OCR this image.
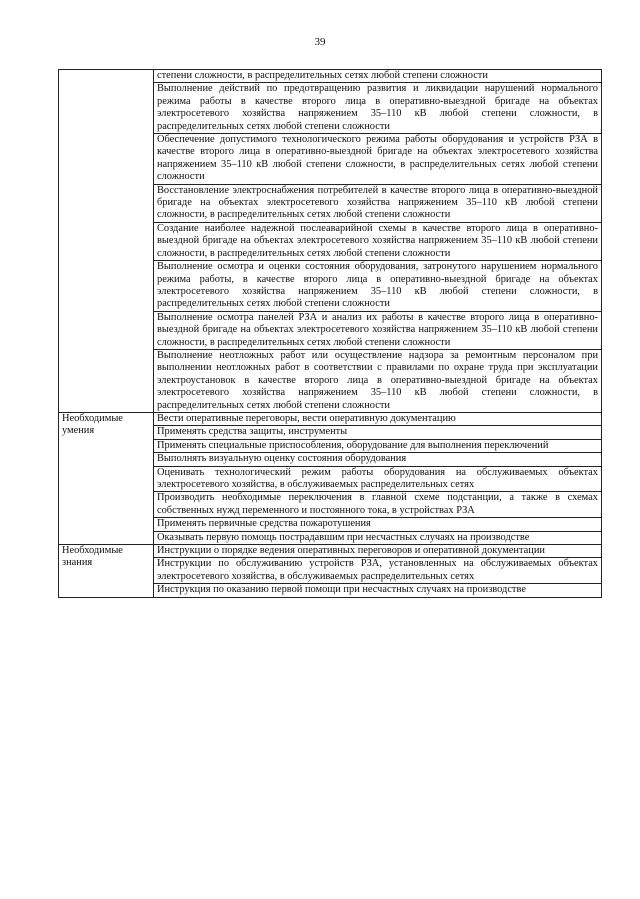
39
	степени сложности, в распределительных сетях любой степени сложности
	Выполнение действий по предотвращению развития и ликвидации нарушений нормального режима работы в качестве второго лица в оперативно-выездной бригаде на объектах электросетевого хозяйства напряжением 35–110 кВ любой степени сложности, в распределительных сетях любой степени сложности
	Обеспечение допустимого технологического режима работы оборудования и устройств РЗА в качестве второго лица в оперативно-выездной бригаде на объектах электросетевого хозяйства напряжением 35–110 кВ любой степени сложности, в распределительных сетях любой степени сложности
	Восстановление электроснабжения потребителей в качестве второго лица в оперативно-выездной бригаде на объектах электросетевого хозяйства напряжением 35–110 кВ любой степени сложности, в распределительных сетях любой степени сложности
	Создание наиболее надежной послеаварийной схемы в качестве второго лица в оперативно-выездной бригаде на объектах электросетевого хозяйства напряжением 35–110 кВ любой степени сложности, в распределительных сетях любой степени сложности
	Выполнение осмотра и оценки состояния оборудования, затронутого нарушением нормального режима работы, в качестве второго лица в оперативно-выездной бригаде на объектах электросетевого хозяйства напряжением 35–110 кВ любой степени сложности, в распределительных сетях любой степени сложности
	Выполнение осмотра панелей РЗА и анализ их работы в качестве второго лица в оперативно-выездной бригаде на объектах электросетевого хозяйства напряжением 35–110 кВ любой степени сложности, в распределительных сетях любой степени сложности
	Выполнение неотложных работ или осуществление надзора за ремонтным персоналом при выполнении неотложных работ в соответствии с правилами по охране труда при эксплуатации электроустановок в качестве второго лица в оперативно-выездной бригаде на объектах электросетевого хозяйства напряжением 35–110 кВ любой степени сложности, в распределительных сетях любой степени сложности
Необходимые умения	Вести оперативные переговоры, вести оперативную документацию
	Применять средства защиты, инструменты
	Применять специальные приспособления, оборудование для выполнения переключений
	Выполнять визуальную оценку состояния оборудования
	Оценивать технологический режим работы оборудования на обслуживаемых объектах электросетевого хозяйства, в обслуживаемых распределительных сетях
	Производить необходимые переключения в главной схеме подстанции, а также в схемах собственных нужд переменного и постоянного тока, в устройствах РЗА
	Применять первичные средства пожаротушения
	Оказывать первую помощь пострадавшим при несчастных случаях на производстве
Необходимые знания	Инструкции о порядке ведения оперативных переговоров и оперативной документации
	Инструкции по обслуживанию устройств РЗА, установленных на обслуживаемых объектах электросетевого хозяйства, в обслуживаемых распределительных сетях
	Инструкция по оказанию первой помощи при несчастных случаях на производстве
